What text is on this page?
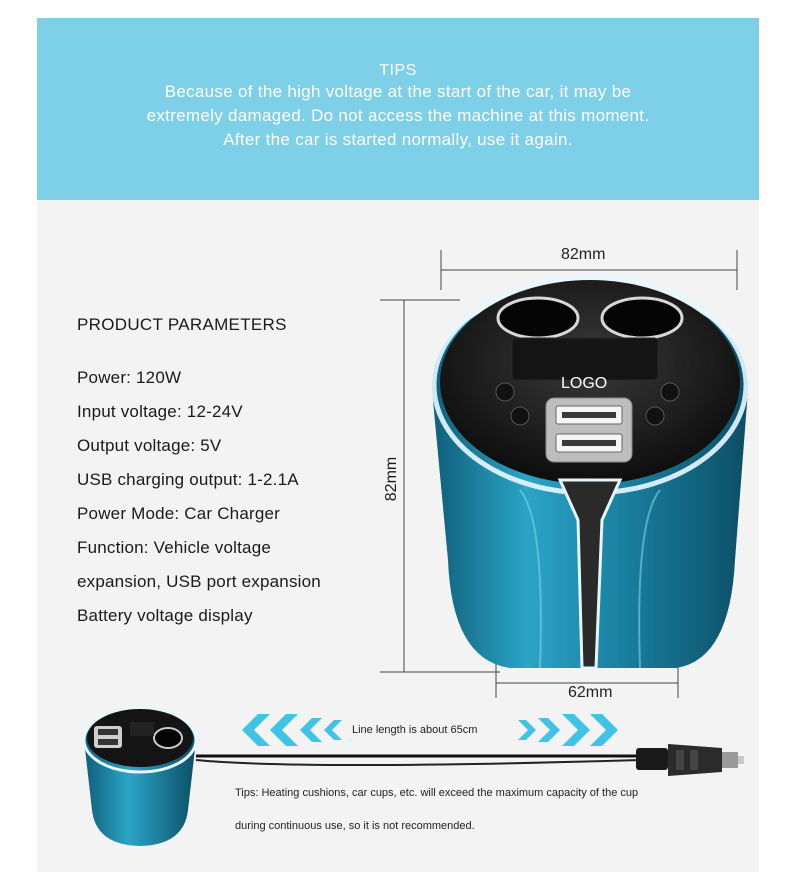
TIPS
Because of the high voltage at the start of the car, it may be
extremely damaged. Do not access the machine at this moment.
After the car is started normally, use it again.
PRODUCT PARAMETERS
Power: 120W
Input voltage: 12-24V
Output voltage: 5V
USB charging output: 1-2.1A
Power Mode: Car Charger
Function: Vehicle voltage
expansion, USB port expansion
Battery voltage display
LOGO
82mm
82mm
62mm
Line length is about 65cm
Tips: Heating cushions, car cups, etc. will exceed the maximum capacity of the cup
during continuous use, so it is not recommended.
